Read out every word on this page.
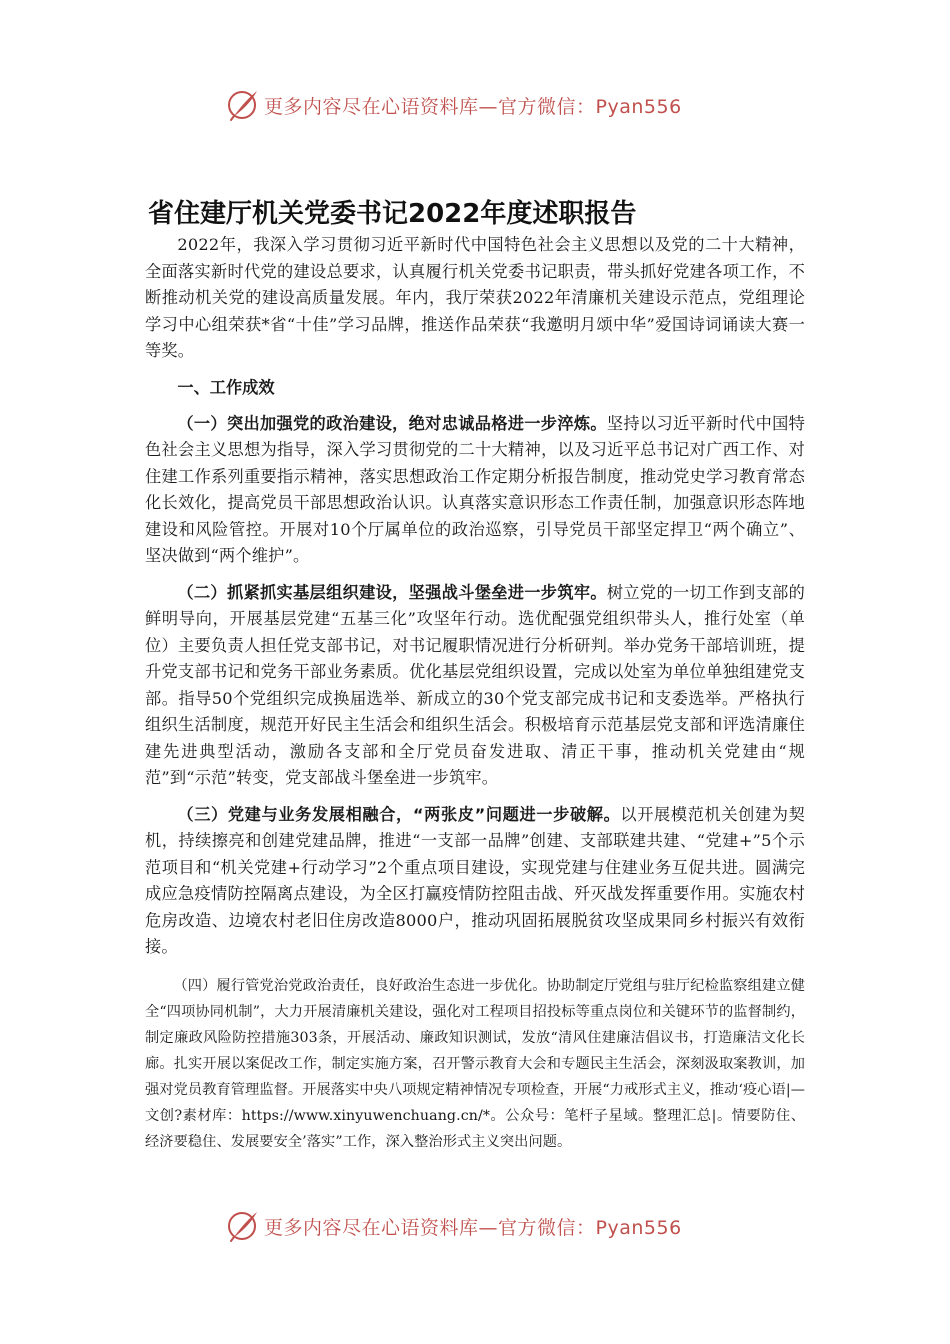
更多内容尽在心语资料库—官方微信：Pyan556
省住建厅机关党委书记2022年度述职报告

2022年，我深入学习贯彻习近平新时代中国特色社会主义思想以及党的二十大精神，全面落实新时代党的建设总要求，认真履行机关党委书记职责，带头抓好党建各项工作，不断推动机关党的建设高质量发展。年内，我厅荣获2022年清廉机关建设示范点，党组理论学习中心组荣获*省“十佳”学习品牌，推送作品荣获“我邀明月颂中华”爱国诗词诵读大赛一等奖。

一、工作成效

（一）突出加强党的政治建设，绝对忠诚品格进一步淬炼。坚持以习近平新时代中国特色社会主义思想为指导，深入学习贯彻党的二十大精神，以及习近平总书记对广西工作、对住建工作系列重要指示精神，落实思想政治工作定期分析报告制度，推动党史学习教育常态化长效化，提高党员干部思想政治认识。认真落实意识形态工作责任制，加强意识形态阵地建设和风险管控。开展对10个厅属单位的政治巡察，引导党员干部坚定捍卫“两个确立”、坚决做到“两个维护”。

（二）抓紧抓实基层组织建设，坚强战斗堡垒进一步筑牢。树立党的一切工作到支部的鲜明导向，开展基层党建“五基三化”攻坚年行动。选优配强党组织带头人，推行处室（单位）主要负责人担任党支部书记，对书记履职情况进行分析研判。举办党务干部培训班，提升党支部书记和党务干部业务素质。优化基层党组织设置，完成以处室为单位单独组建党支部。指导50个党组织完成换届选举、新成立的30个党支部完成书记和支委选举。严格执行组织生活制度，规范开好民主生活会和组织生活会。积极培育示范基层党支部和评选清廉住建先进典型活动，激励各支部和全厅党员奋发进取、清正干事，推动机关党建由“规范”到“示范”转变，党支部战斗堡垒进一步筑牢。

（三）党建与业务发展相融合，“两张皮”问题进一步破解。以开展模范机关创建为契机，持续擦亮和创建党建品牌，推进“一支部一品牌”创建、支部联建共建、“党建+”5个示范项目和“机关党建+行动学习”2个重点项目建设，实现党建与住建业务互促共进。圆满完成应急疫情防控隔离点建设，为全区打赢疫情防控阻击战、歼灭战发挥重要作用。实施农村危房改造、边境农村老旧住房改造8000户，推动巩固拓展脱贫攻坚成果同乡村振兴有效衔接。

（四）履行管党治党政治责任，良好政治生态进一步优化。协助制定厅党组与驻厅纪检监察组建立健全“四项协同机制”，大力开展清廉机关建设，强化对工程项目招投标等重点岗位和关键环节的监督制约，制定廉政风险防控措施303条，开展活动、廉政知识测试，发放“清风住建廉洁倡议书，打造廉洁文化长廊。扎实开展以案促改工作，制定实施方案，召开警示教育大会和专题民主生活会，深刻汲取案教训，加强对党员教育管理监督。开展落实中央八项规定精神情况专项检查，开展“力戒形式主义，推动‘疫心语|—文创?素材库：https://www.xinyuwenchuang.cn/*。公众号：笔杆子星域。整理汇总|。情要防住、经济要稳住、发展要安全’落实”工作，深入整治形式主义突出问题。

更多内容尽在心语资料库—官方微信：Pyan556
